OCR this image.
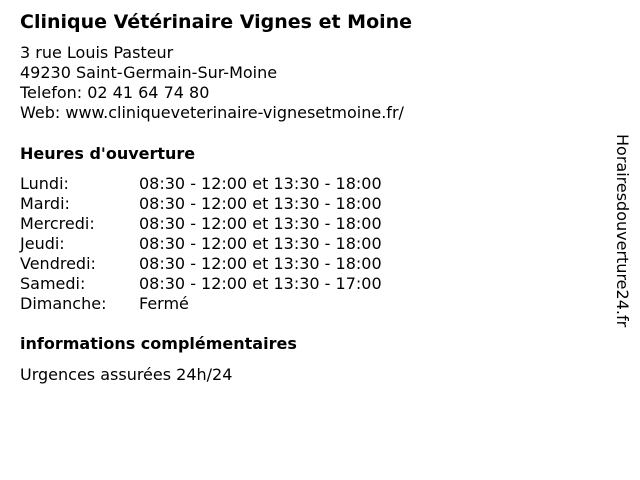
Clinique Vétérinaire Vignes et Moine
3 rue Louis Pasteur
49230 Saint-Germain-Sur-Moine
Telefon: 02 41 64 74 80
Web: www.cliniqueveterinaire-vignesetmoine.fr/
Heures d'ouverture
Lundi:	08:30 - 12:00 et 13:30 - 18:00
Mardi:	08:30 - 12:00 et 13:30 - 18:00
Mercredi:	08:30 - 12:00 et 13:30 - 18:00
Jeudi:	08:30 - 12:00 et 13:30 - 18:00
Vendredi:	08:30 - 12:00 et 13:30 - 18:00
Samedi:	08:30 - 12:00 et 13:30 - 17:00
Dimanche: Fermé
informations complémentaires
Urgences assurées 24h/24
Horairesdouverture24.fr
